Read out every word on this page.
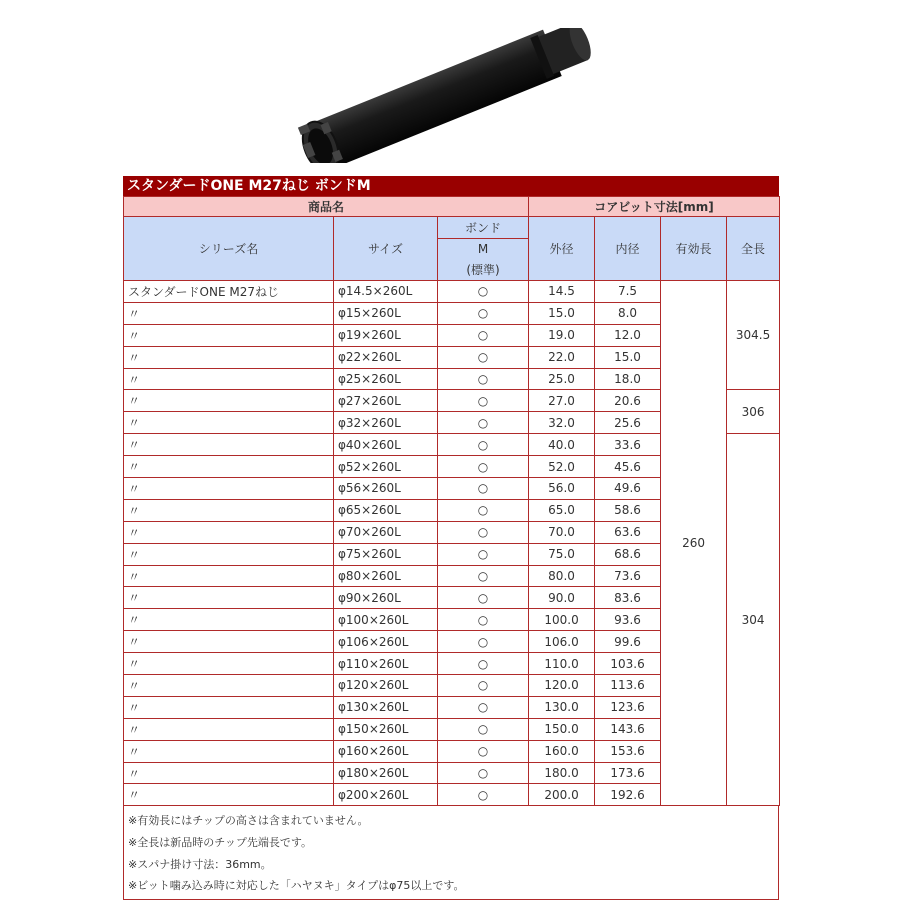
スタンダードONE M27ねじ ボンドM
商品名			コアビット寸法[mm]			
シリーズ名	サイズ	ボンド	外径	内径	有効長	全長
		M				
		(標準)				
スタンダードONE M27ねじ	φ14.5×260L	○	14.5	7.5	260	304.5
〃	φ15×260L	○	15.0	8.0		
〃	φ19×260L	○	19.0	12.0		
〃	φ22×260L	○	22.0	15.0		
〃	φ25×260L	○	25.0	18.0		
〃	φ27×260L	○	27.0	20.6		306
〃	φ32×260L	○	32.0	25.6		
〃	φ40×260L	○	40.0	33.6		304
〃	φ52×260L	○	52.0	45.6		
〃	φ56×260L	○	56.0	49.6		
〃	φ65×260L	○	65.0	58.6		
〃	φ70×260L	○	70.0	63.6		
〃	φ75×260L	○	75.0	68.6		
〃	φ80×260L	○	80.0	73.6		
〃	φ90×260L	○	90.0	83.6		
〃	φ100×260L	○	100.0	93.6		
〃	φ106×260L	○	106.0	99.6		
〃	φ110×260L	○	110.0	103.6		
〃	φ120×260L	○	120.0	113.6		
〃	φ130×260L	○	130.0	123.6		
〃	φ150×260L	○	150.0	143.6		
〃	φ160×260L	○	160.0	153.6		
〃	φ180×260L	○	180.0	173.6		
〃	φ200×260L	○	200.0	192.6		
※有効長にはチップの高さは含まれていません。
※全長は新品時のチップ先端長です。
※スパナ掛け寸法：36mm。
※ビット噛み込み時に対応した「ハヤヌキ」タイプはφ75以上です。
